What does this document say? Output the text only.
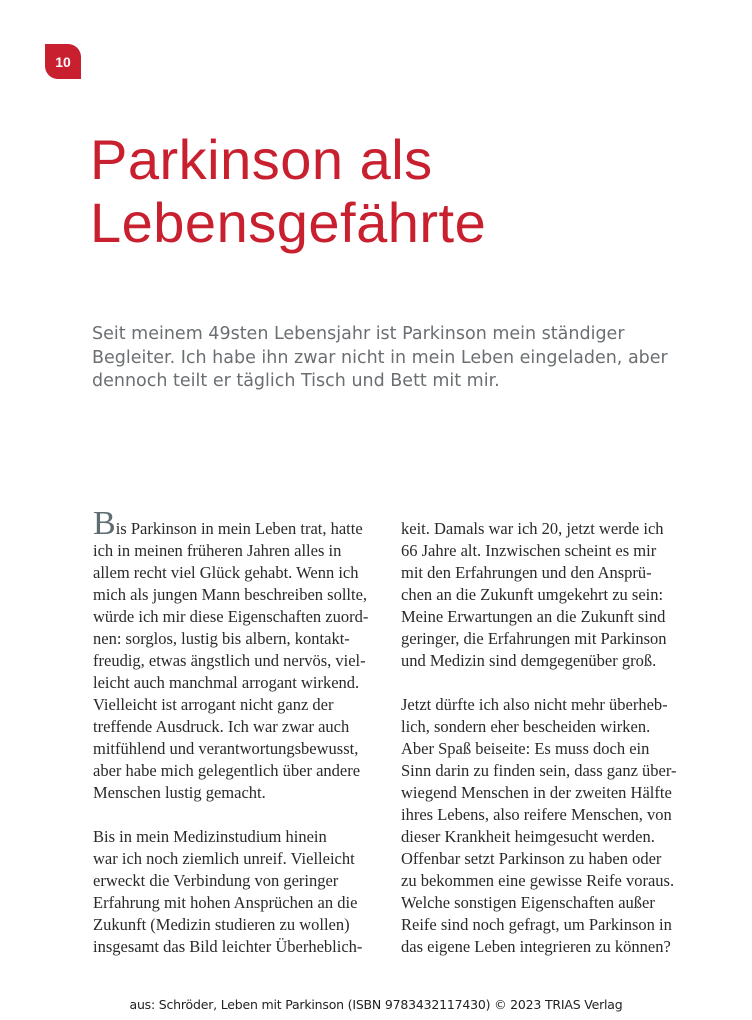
10
Parkinson als
Lebensgefährte
Seit meinem 49sten Lebensjahr ist Parkinson mein ständiger
Begleiter. Ich habe ihn zwar nicht in mein Leben eingeladen, aber
dennoch teilt er täglich Tisch und Bett mit mir.

Bis Parkinson in mein Leben trat, hatte
ich in meinen früheren Jahren alles in
allem recht viel Glück gehabt. Wenn ich
mich als jungen Mann beschreiben sollte,
würde ich mir diese Eigenschaften zuord-
nen: sorglos, lustig bis albern, kontakt-
freudig, etwas ängstlich und nervös, viel-
leicht auch manchmal arrogant wirkend.
Vielleicht ist arrogant nicht ganz der
treffende Ausdruck. Ich war zwar auch
mitfühlend und verantwortungsbewusst,
aber habe mich gelegentlich über andere
Menschen lustig gemacht.

Bis in mein Medizinstudium hinein
war ich noch ziemlich unreif. Vielleicht
erweckt die Verbindung von geringer
Erfahrung mit hohen Ansprüchen an die
Zukunft (Medizin studieren zu wollen)
insgesamt das Bild leichter Überheblich-

keit. Damals war ich 20, jetzt werde ich
66 Jahre alt. Inzwischen scheint es mir
mit den Erfahrungen und den Ansprü-
chen an die Zukunft umgekehrt zu sein:
Meine Erwartungen an die Zukunft sind
geringer, die Erfahrungen mit Parkinson
und Medizin sind demgegenüber groß.

Jetzt dürfte ich also nicht mehr überheb-
lich, sondern eher bescheiden wirken.
Aber Spaß beiseite: Es muss doch ein
Sinn darin zu finden sein, dass ganz über-
wiegend Menschen in der zweiten Hälfte
ihres Lebens, also reifere Menschen, von
dieser Krankheit heimgesucht werden.
Offenbar setzt Parkinson zu haben oder
zu bekommen eine gewisse Reife voraus.
Welche sonstigen Eigenschaften außer
Reife sind noch gefragt, um Parkinson in
das eigene Leben integrieren zu können?

aus: Schröder, Leben mit Parkinson (ISBN 9783432117430) © 2023 TRIAS Verlag
